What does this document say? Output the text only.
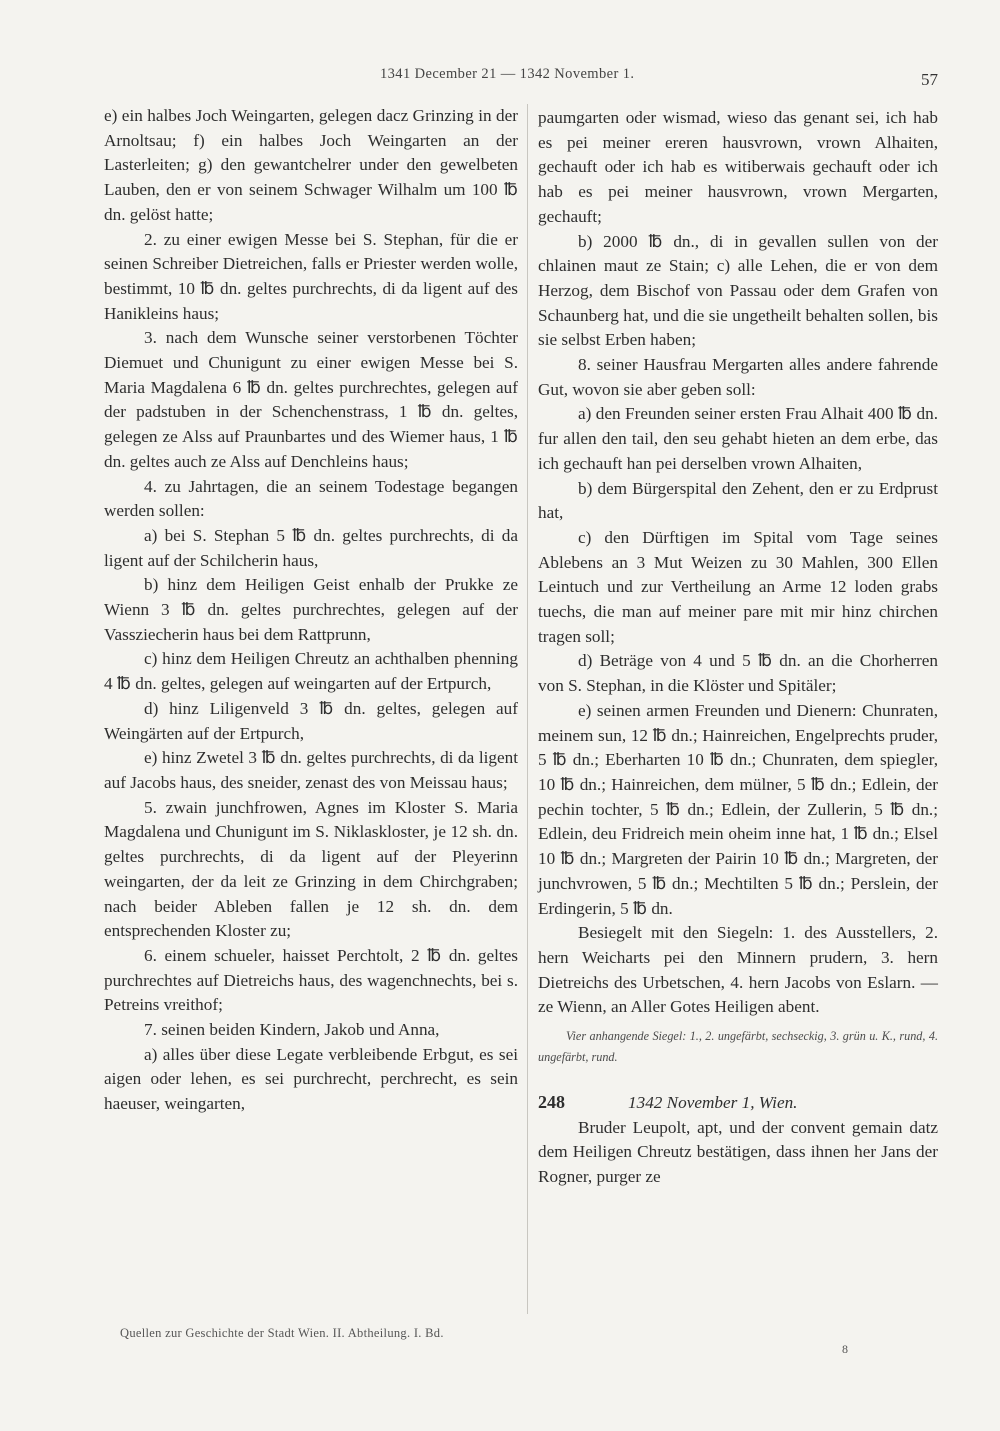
1341 December 21 — 1342 November 1.	57

e) ein halbes Joch Weingarten, gelegen dacz Grinzing in der Arnoltsau; f) ein halbes Joch Weingarten an der Lasterleiten; g) den gewantchelrer under den gewelbeten Lauben, den er von seinem Schwager Wilhalm um 100 ℔ dn. gelöst hatte;

2. zu einer ewigen Messe bei S. Stephan, für die er seinen Schreiber Dietreichen, falls er Priester werden wolle, bestimmt, 10 ℔ dn. geltes purchrechts, di da ligent auf des Hanikleins haus;

3. nach dem Wunsche seiner verstorbenen Töchter Diemuet und Chunigunt zu einer ewigen Messe bei S. Maria Magdalena 6 ℔ dn. geltes purchrechtes, gelegen auf der padstuben in der Schenchenstrass, 1 ℔ dn. geltes, gelegen ze Alss auf Praunbartes und des Wiemer haus, 1 ℔ dn. geltes auch ze Alss auf Denchleins haus;

4. zu Jahrtagen, die an seinem Todestage begangen werden sollen:

a) bei S. Stephan 5 ℔ dn. geltes purchrechts, di da ligent auf der Schilcherin haus,

b) hinz dem Heiligen Geist enhalb der Prukke ze Wienn 3 ℔ dn. geltes purchrechtes, gelegen auf der Vassziecherin haus bei dem Rattprunn,

c) hinz dem Heiligen Chreutz an achthalben phenning 4 ℔ dn. geltes, gelegen auf weingarten auf der Ertpurch,

d) hinz Liligenveld 3 ℔ dn. geltes, gelegen auf Weingärten auf der Ertpurch,

e) hinz Zwetel 3 ℔ dn. geltes purchrechts, di da ligent auf Jacobs haus, des sneider, zenast des von Meissau haus;

5. zwain junchfrowen, Agnes im Kloster S. Maria Magdalena und Chunigunt im S. Niklaskloster, je 12 sh. dn. geltes purchrechts, di da ligent auf der Pleyerinn weingarten, der da leit ze Grinzing in dem Chirchgraben; nach beider Ableben fallen je 12 sh. dn. dem entsprechenden Kloster zu;

6. einem schueler, haisset Perchtolt, 2 ℔ dn. geltes purchrechtes auf Dietreichs haus, des wagenchnechts, bei s. Petreins vreithof;

7. seinen beiden Kindern, Jakob und Anna,

a) alles über diese Legate verbleibende Erbgut, es sei aigen oder lehen, es sei purchrecht, perchrecht, es sein haeuser, weingarten,

paumgarten oder wismad, wieso das genant sei, ich hab es pei meiner ereren hausvrown, vrown Alhaiten, gechauft oder ich hab es witiberwais gechauft oder ich hab es pei meiner hausvrown, vrown Mergarten, gechauft;

b) 2000 ℔ dn., di in gevallen sullen von der chlainen maut ze Stain; c) alle Lehen, die er von dem Herzog, dem Bischof von Passau oder dem Grafen von Schaunberg hat, und die sie ungetheilt behalten sollen, bis sie selbst Erben haben;

8. seiner Hausfrau Mergarten alles andere fahrende Gut, wovon sie aber geben soll:

a) den Freunden seiner ersten Frau Alhait 400 ℔ dn. fur allen den tail, den seu gehabt hieten an dem erbe, das ich gechauft han pei derselben vrown Alhaiten,

b) dem Bürgerspital den Zehent, den er zu Erdprust hat,

c) den Dürftigen im Spital vom Tage seines Ablebens an 3 Mut Weizen zu 30 Mahlen, 300 Ellen Leintuch und zur Vertheilung an Arme 12 loden grabs tuechs, die man auf meiner pare mit mir hinz chirchen tragen soll;

d) Beträge von 4 und 5 ℔ dn. an die Chorherren von S. Stephan, in die Klöster und Spitäler;

e) seinen armen Freunden und Dienern: Chunraten, meinem sun, 12 ℔ dn.; Hainreichen, Engelprechts pruder, 5 ℔ dn.; Eberharten 10 ℔ dn.; Chunraten, dem spiegler, 10 ℔ dn.; Hainreichen, dem mülner, 5 ℔ dn.; Edlein, der pechin tochter, 5 ℔ dn.; Edlein, der Zullerin, 5 ℔ dn.; Edlein, deu Fridreich mein oheim inne hat, 1 ℔ dn.; Elsel 10 ℔ dn.; Margreten der Pairin 10 ℔ dn.; Margreten, der junchvrowen, 5 ℔ dn.; Mechtilten 5 ℔ dn.; Perslein, der Erdingerin, 5 ℔ dn.

Besiegelt mit den Siegeln: 1. des Ausstellers, 2. hern Weicharts pei den Minnern prudern, 3. hern Dietreichs des Urbetschen, 4. hern Jacobs von Eslarn. — ze Wienn, an Aller Gotes Heiligen abent.

Vier anhangende Siegel: 1., 2. ungefärbt, sechseckig, 3. grün u. K., rund, 4. ungefärbt, rund.

248	1342 November 1, Wien.

Bruder Leupolt, apt, und der convent gemain datz dem Heiligen Chreutz bestätigen, dass ihnen her Jans der Rogner, purger ze

Quellen zur Geschichte der Stadt Wien. II. Abtheilung. I. Bd.
8
